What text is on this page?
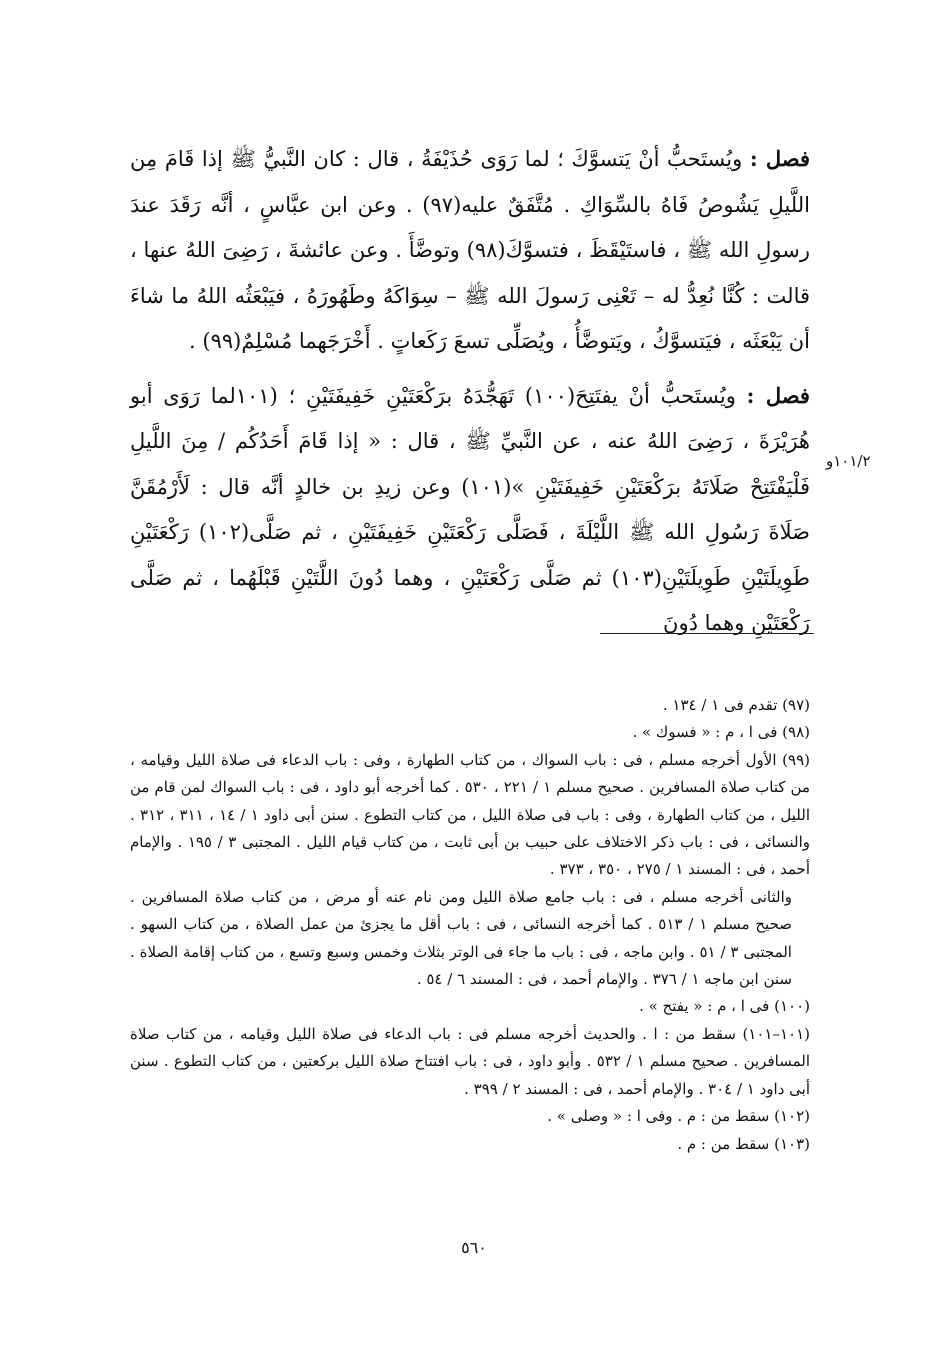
فصل : ويُستَحبُّ أنْ يَتسوَّكَ ؛ لما رَوَى حُذَيْفَةُ ، قال : كان النَّبيُّ ﷺ إذا قَامَ مِن اللَّيلِ يَشُوصُ فَاهُ بالسِّوَاكِ . مُتَّفَقٌ عليه(٩٧) . وعن ابن عبَّاسٍ ، أنَّه رَقَدَ عندَ رسولِ الله ﷺ ، فاستَيْقَظَ ، فتسوَّكَ(٩٨) وتوضَّأَ . وعن عائشةَ ، رَضِىَ اللهُ عنها ، قالت : كُنَّا نُعِدُّ له – تَعْنِى رَسولَ الله ﷺ – سِوَاكَهُ وطَهُورَهُ ، فيَبْعَثُه اللهُ ما شاءَ أن يَبْعَثَه ، فيَتسوَّكُ ، ويَتوضَّأُ ، ويُصَلِّى تسعَ رَكَعاتٍ . أَخْرَجَهما مُسْلِمٌ(٩٩) .

فصل : ويُستَحبُّ أنْ يفتَتِحَ(١٠٠) تَهَجُّدَهُ برَكْعَتَيْنِ خَفِيفَتَيْنِ ؛ (١٠١لما رَوَى أبو هُرَيْرَةَ ، رَضِىَ اللهُ عنه ، عن النَّبيِّ ﷺ ، قال : « إذا قَامَ أَحَدُكُم / مِنَ اللَّيلِ فَلْيَفْتَتِحْ صَلَاتَهُ برَكْعَتَيْنِ خَفِيفَتَيْنِ »(١٠١) وعن زيدِ بن خالدٍ أنَّه قال : لَأَرْمُقَنَّ صَلَاةَ رَسُولِ الله ﷺ اللَّيْلَةَ ، فَصَلَّى رَكْعَتَيْنِ خَفِيفَتَيْنِ ، ثم صَلَّى(١٠٢) رَكْعَتَيْنِ طَوِيلَتَيْنِ طَوِيلَتَيْنِ(١٠٣) ثم صَلَّى رَكْعَتَيْنِ ، وهما دُونَ اللَّتَيْنِ قَبْلَهُما ، ثم صَلَّى رَكْعَتَيْنِ وهما دُونَ

١٠١/٢و

(٩٧) تقدم فى ١ / ١٣٤ .

(٩٨) فى ا ، م : « فسوك » .

(٩٩) الأول أخرجه مسلم ، فى : باب السواك ، من كتاب الطهارة ، وفى : باب الدعاء فى صلاة الليل وقيامه ، من كتاب صلاة المسافرين . صحيح مسلم ١ / ٢٢١ ، ٥٣٠ . كما أخرجه أبو داود ، فى : باب السواك لمن قام من الليل ، من كتاب الطهارة ، وفى : باب فى صلاة الليل ، من كتاب التطوع . سنن أبى داود ١ / ١٤ ، ٣١١ ، ٣١٢ . والنسائى ، فى : باب ذكر الاختلاف على حبيب بن أبى ثابت ، من كتاب قيام الليل . المجتبى ٣ / ١٩٥ . والإمام أحمد ، فى : المسند ١ / ٢٧٥ ، ٣٥٠ ، ٣٧٣ .

والثانى أخرجه مسلم ، فى : باب جامع صلاة الليل ومن نام عنه أو مرض ، من كتاب صلاة المسافرين . صحيح مسلم ١ / ٥١٣ . كما أخرجه النسائى ، فى : باب أقل ما يجزئ من عمل الصلاة ، من كتاب السهو . المجتبى ٣ / ٥١ . وابن ماجه ، فى : باب ما جاء فى الوتر بثلاث وخمس وسبع وتسع ، من كتاب إقامة الصلاة . سنن ابن ماجه ١ / ٣٧٦ . والإمام أحمد ، فى : المسند ٦ / ٥٤ .

(١٠٠) فى ا ، م : « يفتح » .

(١٠١–١٠١) سقط من : ا . والحديث أخرجه مسلم فى : باب الدعاء فى صلاة الليل وقيامه ، من كتاب صلاة المسافرين . صحيح مسلم ١ / ٥٣٢ . وأبو داود ، فى : باب افتتاح صلاة الليل بركعتين ، من كتاب التطوع . سنن أبى داود ١ / ٣٠٤ . والإمام أحمد ، فى : المسند ٢ / ٣٩٩ .

(١٠٢) سقط من : م . وفى ا : « وصلى » .

(١٠٣) سقط من : م .

٥٦٠
